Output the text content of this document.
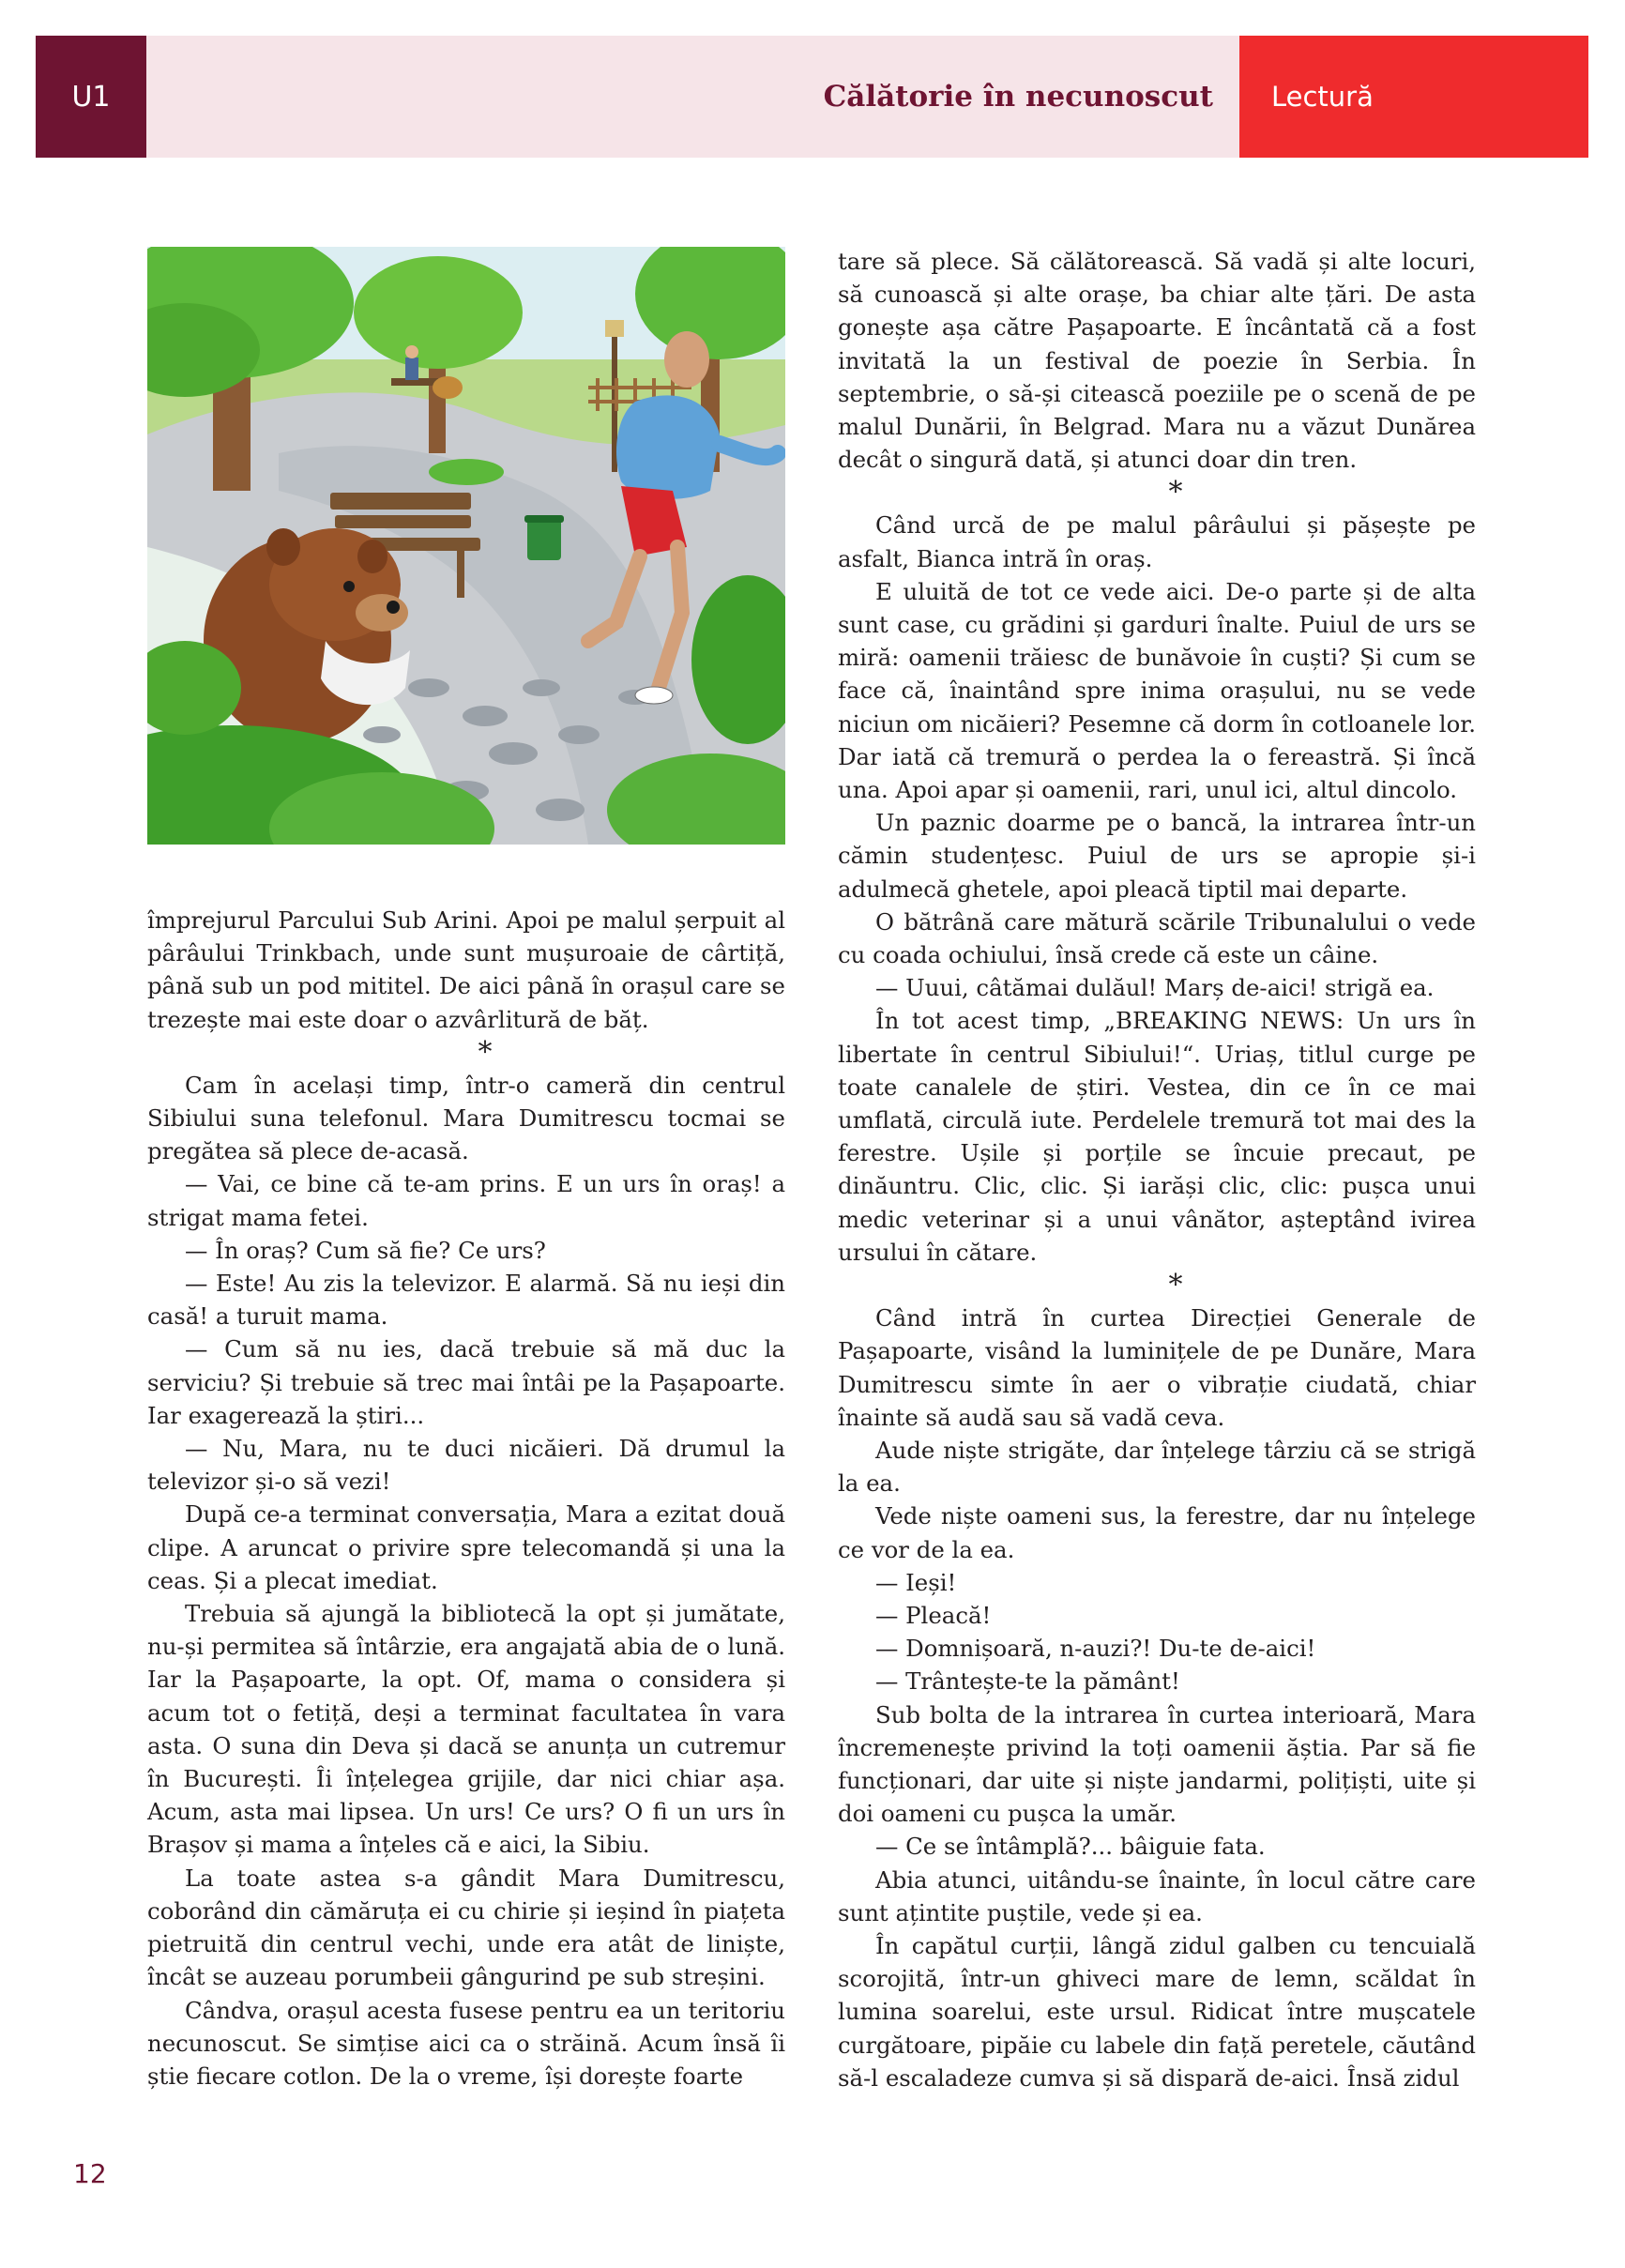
U1	Călătorie în necunoscut	Lectură

împrejurul Parcului Sub Arini. Apoi pe malul șerpuit al pârâului Trinkbach, unde sunt mușuroaie de cârtiță, până sub un pod mititel. De aici până în orașul care se trezește mai este doar o azvârlitură de băț.

*

Cam în același timp, într-o cameră din centrul Sibiului suna telefonul. Mara Dumitrescu tocmai se pregătea să plece de-acasă.

— Vai, ce bine că te-am prins. E un urs în oraș! a strigat mama fetei.

— În oraș? Cum să fie? Ce urs?

— Este! Au zis la televizor. E alarmă. Să nu ieși din casă! a turuit mama.

— Cum să nu ies, dacă trebuie să mă duc la serviciu? Și trebuie să trec mai întâi pe la Pașapoarte. Iar exagerează la știri...

— Nu, Mara, nu te duci nicăieri. Dă drumul la televizor și-o să vezi!

După ce-a terminat conversația, Mara a ezitat două clipe. A aruncat o privire spre telecomandă și una la ceas. Și a plecat imediat.

Trebuia să ajungă la bibliotecă la opt și jumătate, nu-și permitea să întârzie, era angajată abia de o lună. Iar la Pașapoarte, la opt. Of, mama o considera și acum tot o fetiță, deși a terminat facultatea în vara asta. O suna din Deva și dacă se anunța un cutremur în București. Îi înțelegea grijile, dar nici chiar așa. Acum, asta mai lipsea. Un urs! Ce urs? O fi un urs în Brașov și mama a înțeles că e aici, la Sibiu.

La toate astea s-a gândit Mara Dumitrescu, coborând din cămăruța ei cu chirie și ieșind în piațeta pietruită din centrul vechi, unde era atât de liniște, încât se auzeau porumbeii gângurind pe sub streșini.

Cândva, orașul acesta fusese pentru ea un teritoriu necunoscut. Se simțise aici ca o străină. Acum însă îi știe fiecare cotlon. De la o vreme, își dorește foarte

tare să plece. Să călătorească. Să vadă și alte locuri, să cunoască și alte orașe, ba chiar alte țări. De asta gonește așa către Pașapoarte. E încântată că a fost invitată la un festival de poezie în Serbia. În septembrie, o să-și citească poeziile pe o scenă de pe malul Dunării, în Belgrad. Mara nu a văzut Dunărea decât o singură dată, și atunci doar din tren.

*

Când urcă de pe malul pârâului și pășește pe asfalt, Bianca intră în oraș.

E uluită de tot ce vede aici. De-o parte și de alta sunt case, cu grădini și garduri înalte. Puiul de urs se miră: oamenii trăiesc de bunăvoie în cuști? Și cum se face că, înaintând spre inima orașului, nu se vede niciun om nicăieri? Pesemne că dorm în cotloanele lor. Dar iată că tremură o perdea la o fereastră. Și încă una. Apoi apar și oamenii, rari, unul ici, altul dincolo.

Un paznic doarme pe o bancă, la intrarea într-un cămin studențesc. Puiul de urs se apropie și-i adulmecă ghetele, apoi pleacă tiptil mai departe.

O bătrână care mătură scările Tribunalului o vede cu coada ochiului, însă crede că este un câine.

— Uuui, câtămai dulăul! Marș de-aici! strigă ea.

În tot acest timp, „BREAKING NEWS: Un urs în libertate în centrul Sibiului!“. Uriaș, titlul curge pe toate canalele de știri. Vestea, din ce în ce mai umflată, circulă iute. Perdelele tremură tot mai des la ferestre. Ușile și porțile se încuie precaut, pe dinăuntru. Clic, clic. Și iarăși clic, clic: pușca unui medic veterinar și a unui vânător, așteptând ivirea ursului în cătare.

*

Când intră în curtea Direcției Generale de Pașapoarte, visând la luminițele de pe Dunăre, Mara Dumitrescu simte în aer o vibrație ciudată, chiar înainte să audă sau să vadă ceva.

Aude niște strigăte, dar înțelege târziu că se strigă la ea.

Vede niște oameni sus, la ferestre, dar nu înțelege ce vor de la ea.

— Ieși!

— Pleacă!

— Domnișoară, n-auzi?! Du-te de-aici!

— Trântește-te la pământ!

Sub bolta de la intrarea în curtea interioară, Mara încremenește privind la toți oamenii ăștia. Par să fie funcționari, dar uite și niște jandarmi, polițiști, uite și doi oameni cu pușca la umăr.

— Ce se întâmplă?... bâiguie fata.

Abia atunci, uitându-se înainte, în locul către care sunt ațintite puștile, vede și ea.

În capătul curții, lângă zidul galben cu tencuială scorojită, într-un ghiveci mare de lemn, scăldat în lumina soarelui, este ursul. Ridicat între mușcatele curgătoare, pipăie cu labele din față peretele, căutând să-l escaladeze cumva și să dispară de-aici. Însă zidul

12
